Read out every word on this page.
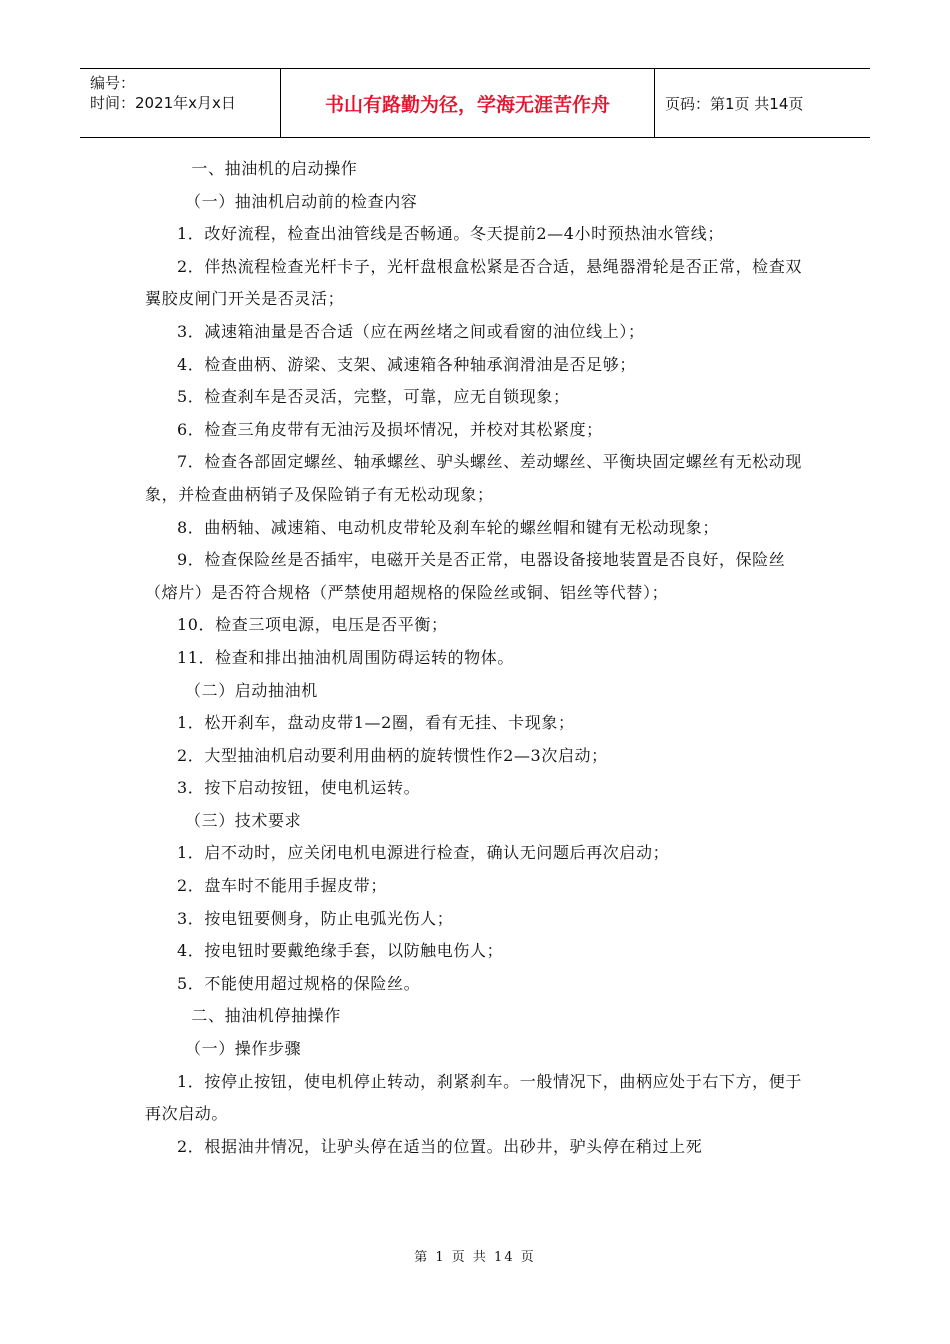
编号：
时间：2021年x月x日	书山有路勤为径，学海无涯苦作舟	页码：第1页 共14页

一、抽油机的启动操作

（一）抽油机启动前的检查内容

1．改好流程，检查出油管线是否畅通。冬天提前2—4小时预热油水管线；

2．伴热流程检查光杆卡子，光杆盘根盒松紧是否合适，悬绳器滑轮是否正常，检查双翼胶皮闸门开关是否灵活；

3．减速箱油量是否合适（应在两丝堵之间或看窗的油位线上）；

4．检查曲柄、游梁、支架、减速箱各种轴承润滑油是否足够；

5．检查刹车是否灵活，完整，可靠，应无自锁现象；

6．检查三角皮带有无油污及损坏情况，并校对其松紧度；

7．检查各部固定螺丝、轴承螺丝、驴头螺丝、差动螺丝、平衡块固定螺丝有无松动现象，并检查曲柄销子及保险销子有无松动现象；

8．曲柄轴、减速箱、电动机皮带轮及刹车轮的螺丝帽和键有无松动现象；

9．检查保险丝是否插牢，电磁开关是否正常，电器设备接地装置是否良好，保险丝（熔片）是否符合规格（严禁使用超规格的保险丝或铜、铝丝等代替）；

10．检查三项电源，电压是否平衡；

11．检查和排出抽油机周围防碍运转的物体。

（二）启动抽油机

1．松开刹车，盘动皮带1—2圈，看有无挂、卡现象；

2．大型抽油机启动要利用曲柄的旋转惯性作2—3次启动；

3．按下启动按钮，使电机运转。

（三）技术要求

1．启不动时，应关闭电机电源进行检查，确认无问题后再次启动；

2．盘车时不能用手握皮带；

3．按电钮要侧身，防止电弧光伤人；

4．按电钮时要戴绝缘手套，以防触电伤人；

5．不能使用超过规格的保险丝。

二、抽油机停抽操作

（一）操作步骤

1．按停止按钮，使电机停止转动，刹紧刹车。一般情况下，曲柄应处于右下方，便于再次启动。

2．根据油井情况，让驴头停在适当的位置。出砂井，驴头停在稍过上死

第 1 页 共 14 页
